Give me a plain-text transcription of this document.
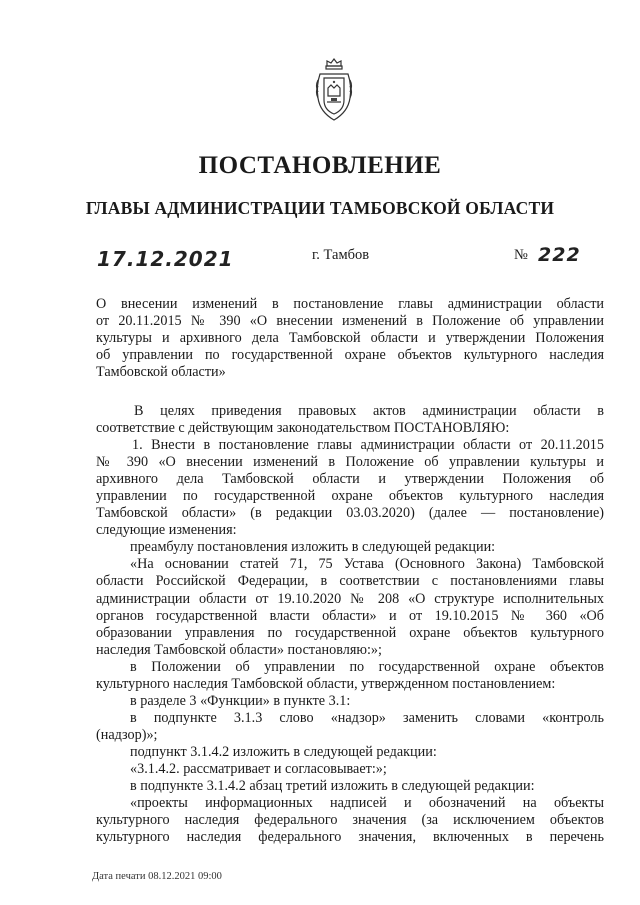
ПОСТАНОВЛЕНИЕ
ГЛАВЫ АДМИНИСТРАЦИИ ТАМБОВСКОЙ ОБЛАСТИ
17.12.2021	г. Тамбов	№ 222
О внесении изменений в постановление главы администрации области
от 20.11.2015 № 390 «О внесении изменений в Положение об управлении
культуры и архивного дела Тамбовской области и утверждении Положения
об управлении по государственной охране объектов культурного наследия
Тамбовской области»
В целях приведения правовых актов администрации области в
соответствие с действующим законодательством ПОСТАНОВЛЯЮ:
1. Внести в постановление главы администрации области от 20.11.2015
№ 390 «О внесении изменений в Положение об управлении культуры и
архивного дела Тамбовской области и утверждении Положения об
управлении по государственной охране объектов культурного наследия
Тамбовской области» (в редакции 03.03.2020) (далее — постановление)
следующие изменения:
преамбулу постановления изложить в следующей редакции:
«На основании статей 71, 75 Устава (Основного Закона) Тамбовской
области Российской Федерации, в соответствии с постановлениями главы
администрации области от 19.10.2020 № 208 «О структуре исполнительных
органов государственной власти области» и от 19.10.2015 № 360 «Об
образовании управления по государственной охране объектов культурного
наследия Тамбовской области» постановляю:»;
в Положении об управлении по государственной охране объектов
культурного наследия Тамбовской области, утвержденном постановлением:
в разделе 3 «Функции» в пункте 3.1:
в подпункте 3.1.3 слово «надзор» заменить словами «контроль
(надзор)»;
подпункт 3.1.4.2 изложить в следующей редакции:
«3.1.4.2. рассматривает и согласовывает:»;
в подпункте 3.1.4.2 абзац третий изложить в следующей редакции:
«проекты информационных надписей и обозначений на объекты
культурного наследия федерального значения (за исключением объектов
культурного наследия федерального значения, включенных в перечень
Дата печати 08.12.2021 09:00
